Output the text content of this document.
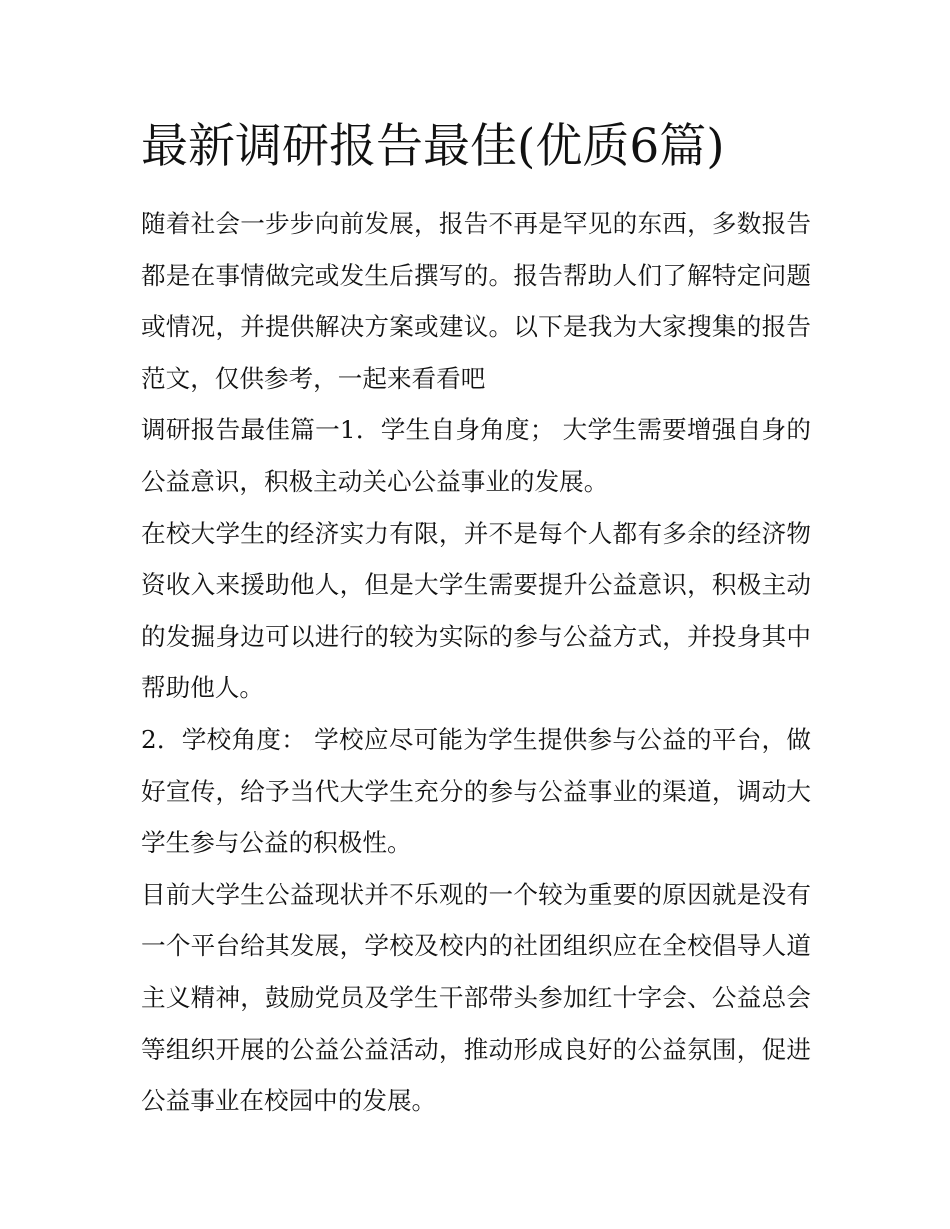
最新调研报告最佳(优质6篇)

随着社会一步步向前发展，报告不再是罕见的东西，多数报告都是在事情做完或发生后撰写的。报告帮助人们了解特定问题或情况，并提供解决方案或建议。以下是我为大家搜集的报告范文，仅供参考，一起来看看吧

调研报告最佳篇一1．学生自身角度； 大学生需要增强自身的公益意识，积极主动关心公益事业的发展。

在校大学生的经济实力有限，并不是每个人都有多余的经济物资收入来援助他人，但是大学生需要提升公益意识，积极主动的发掘身边可以进行的较为实际的参与公益方式，并投身其中帮助他人。

2．学校角度： 学校应尽可能为学生提供参与公益的平台，做好宣传，给予当代大学生充分的参与公益事业的渠道，调动大学生参与公益的积极性。

目前大学生公益现状并不乐观的一个较为重要的原因就是没有一个平台给其发展，学校及校内的社团组织应在全校倡导人道主义精神，鼓励党员及学生干部带头参加红十字会、公益总会等组织开展的公益公益活动，推动形成良好的公益氛围，促进公益事业在校园中的发展。
